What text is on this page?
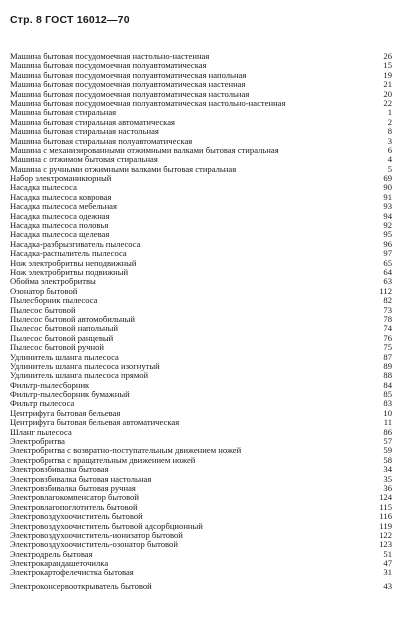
Стр. 8 ГОСТ 16012—70
Машина бытовая посудомоечная настольно-настенная	26
Машина бытовая посудомоечная полуавтоматическая	15
Машина бытовая посудомоечная полуавтоматическая напольная	19
Машина бытовая посудомоечная полуавтоматическая настенная	21
Машина бытовая посудомоечная полуавтоматическая настольная	20
Машина бытовая посудомоечная полуавтоматическая настольно-настенная	22
Машина бытовая стиральная	1
Машина бытовая стиральная автоматическая	2
Машина бытовая стиральная настольная	8
Машина бытовая стиральная полуавтоматическая	3
Машина с механизированными отжимными валками бытовая стиральная	6
Машина с отжимом бытовая стиральная	4
Машина с ручными отжимными валками бытовая стиральная	5
Набор электроманикюрный	69
Насадка пылесоса	90
Насадка пылесоса ковровая	91
Насадка пылесоса мебельная	93
Насадка пылесоса одежная	94
Насадка пылесоса половья	92
Насадка пылесоса щелевая	95
Насадка-разбрызгиватель пылесоса	96
Насадка-распылитель пылесоса	97
Нож электробритвы неподвижный	65
Нож электробритвы подвижный	64
Обойма электробритвы	63
Озонатор бытовой	112
Пылесборник пылесоса	82
Пылесос бытовой	73
Пылесос бытовой автомобильный	78
Пылесос бытовой напольный	74
Пылесос бытовой ранцевый	76
Пылесос бытовой ручной	75
Удлинитель шланга пылесоса	87
Удлинитель шланга пылесоса изогнутый	89
Удлинитель шланга пылесоса прямой	88
Фильтр-пылесборник	84
Фильтр-пылесборник бумажный	85
Фильтр пылесоса	83
Центрифуга бытовая бельевая	10
Центрифуга бытовая бельевая автоматическая	11
Шланг пылесоса	86
Электробритва	57
Электробритва с возвратно-поступательным движением ножей	59
Электробритва с вращательным движением ножей	58
Электровзбивалка бытовая	34
Электровзбивалка бытовая настольная	35
Электровзбивалка бытовая ручная	36
Электровлагокомпенсатор бытовой	124
Электровлагопоглотитель бытовой	115
Электровоздухоочиститель бытовой	116
Электровоздухоочиститель бытовой адсорбционный	119
Электровоздухоочиститель-ионизатор бытовой	122
Электровоздухоочиститель-озонатор бытовой	123
Электродрель бытовая	51
Электрокарандашеточилка	47
Электрокартофелечистка бытовая	31
Электроконсервооткрыватель бытовой	43
